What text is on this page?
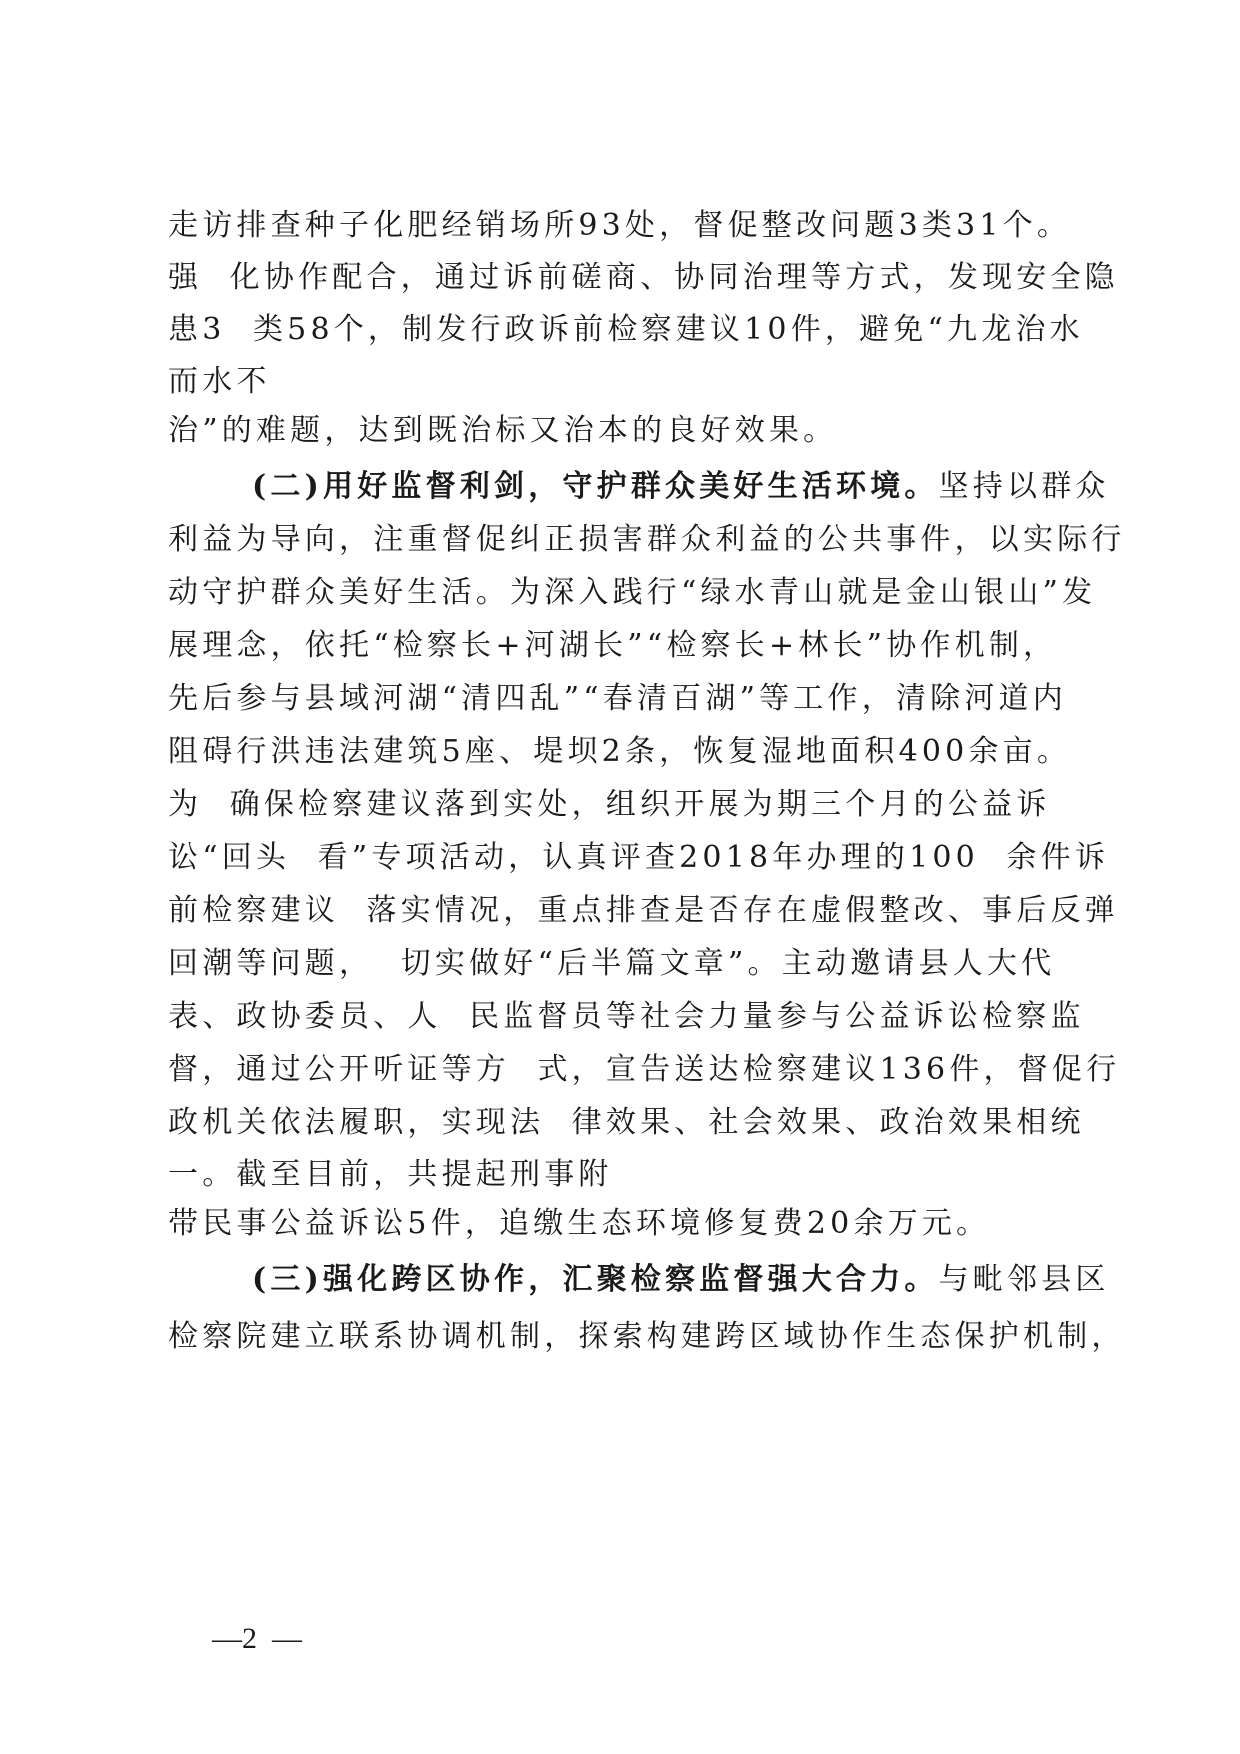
走访排查种子化肥经销场所93处，督促整改问题3类31个。
强  化协作配合，通过诉前磋商、协同治理等方式，发现安全隐
患3  类58个，制发行政诉前检察建议10件，避免“九龙治水
而水不
治”的难题，达到既治标又治本的良好效果。
(二)用好监督利剑，守护群众美好生活环境。坚持以群众
利益为导向，注重督促纠正损害群众利益的公共事件，以实际行
动守护群众美好生活。为深入践行“绿水青山就是金山银山”发
展理念，依托“检察长+河湖长”“检察长+林长”协作机制，
先后参与县域河湖“清四乱”“春清百湖”等工作，清除河道内
阻碍行洪违法建筑5座、堤坝2条，恢复湿地面积400余亩。
为  确保检察建议落到实处，组织开展为期三个月的公益诉
讼“回头  看”专项活动，认真评查2018年办理的100  余件诉
前检察建议  落实情况，重点排查是否存在虚假整改、事后反弹
回潮等问题，  切实做好“后半篇文章”。主动邀请县人大代
表、政协委员、人  民监督员等社会力量参与公益诉讼检察监
督，通过公开听证等方  式，宣告送达检察建议136件，督促行
政机关依法履职，实现法  律效果、社会效果、政治效果相统
一。截至目前，共提起刑事附
带民事公益诉讼5件，追缴生态环境修复费20余万元。
(三)强化跨区协作，汇聚检察监督强大合力。与毗邻县区
检察院建立联系协调机制，探索构建跨区域协作生态保护机制，
—2  —
